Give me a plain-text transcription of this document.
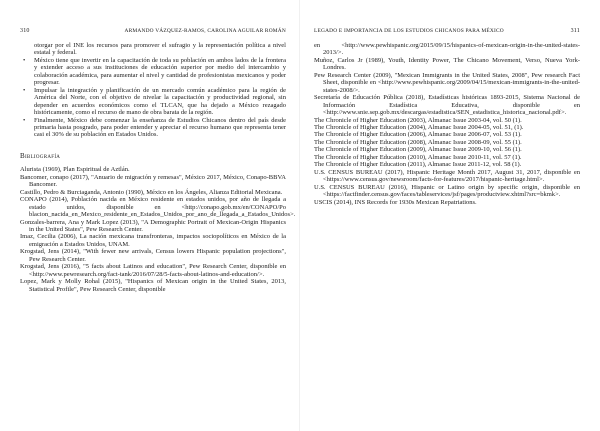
310	ARMANDO VÁZQUEZ-RAMOS, CAROLINA AGUILAR ROMÁN
otorgar por el INE los recursos para promover el sufragio y la representación política a nivel estatal y federal.
• México tiene que invertir en la capacitación de toda su población en ambos lados de la frontera y extender acceso a sus instituciones de educación superior por medio del intercambio y colaboración académica, para aumentar el nivel y cantidad de profesionistas mexicanos y poder progresar.
• Impulsar la integración y planificación de un mercado común académico para la región de América del Norte, con el objetivo de nivelar la capacitación y productividad regional, sin depender en acuerdos económicos como el TLCAN, que ha dejado a México rezagado históricamente, como el recurso de mano de obra barata de la región.
• Finalmente, México debe comenzar la enseñanza de Estudios Chicanos dentro del país desde primaria hasta posgrado, para poder entender y apreciar el recurso humano que representa tener casi el 30% de su población en Estados Unidos.
Bibliografía

Alurista (1969), Plan Espiritual de Aztlán.

Bancomer, conapo (2017), "Anuario de migración y remesas", México 2017, México, Conapo-BBVA Bancomer.

Castillo, Pedro & Burciaganda, Antonio (1990), México en los Ángeles, Alianza Editorial Mexicana.

CONAPO (2014), Población nacida en México residente en estados unidos, por año de llegada a estado unidos, disponible en <http://conapo.gob.mx/en/CONAPO/Po blacion_nacida_en_Mexico_residente_en_Estados_Unidos_por_ano_de_llegada_a_Estados_Unidos>.

Gonzales-barrera, Ana y Mark Lopez (2013), "A Demographic Portrait of Mexican-Origin Hispanics in the United States", Pew Research Center.

Imaz, Cecilia (2006), La nación mexicana transfronteras, impactos sociopolíticos en México de la emigración a Estados Unidos, UNAM.

Krogstad, Jens (2014), "With fewer new arrivals, Census lowers Hispanic population projections", Pew Research Center.

Krogstad, Jens (2016), "5 facts about Latinos and education", Pew Research Center, disponible en <http://www.pewresearch.org/fact-tank/2016/07/28/5-facts-about-latinos-and-education/>.

Lopez, Mark y Molly Rohal (2015), "Hispanics of Mexican origin in the United States, 2013, Statistical Profile", Pew Research Center, disponible

LEGADO E IMPORTANCIA DE LOS ESTUDIOS CHICANOS PARA MÉXICO	311

en <http://www.pewhispanic.org/2015/09/15/hispanics-of-mexican-origin-in-the-united-states-2013/>.

Muñoz, Carlos Jr (1989), Youth, Identity Power, The Chicano Movement, Verso, Nueva York-Londres.

Pew Research Center (2009), "Mexican Immigrants in the United States, 2008", Pew research Fact Sheet, disponible en <http://www.pewhispanic.org/2009/04/15/mexican-immigrants-in-the-united-states-2008/>.

Secretaría de Educación Pública (2018), Estadísticas históricas 1893-2015, Sistema Nacional de Información Estadística Educativa, disponible en <http://www.snie.sep.gob.mx/descargas/estadistica/SEN_estadistica_historica_nacional.pdf>.

The Chronicle of Higher Education (2003), Almanac Issue 2003-04, vol. 50 (1).

The Chronicle of Higher Education (2004), Almanac Issue 2004-05, vol. 51, (1).

The Chronicle of Higher Education (2006), Almanac Issue 2006-07, vol. 53 (1).

The Chronicle of Higher Education (2008), Almanac Issue 2008-09, vol. 55 (1).

The Chronicle of Higher Education (2009), Almanac Issue 2009-10, vol. 56 (1).

The Chronicle of Higher Education (2010), Almanac Issue 2010-11, vol. 57 (1).

The Chronicle of Higher Education (2011), Almanac Issue 2011-12, vol. 58 (1).

U.S. CENSUS BUREAU (2017), Hispanic Heritage Month 2017, August 31, 2017, disponible en <https://www.census.gov/newsroom/facts-for-features/2017/hispanic-heritage.html>.

U.S. CENSUS BUREAU (2016), Hispanic or Latino origin by specific origin, disponible en <https://factfinder.census.gov/faces/tableservices/jsf/pages/productview.xhtml?src=bkmk>.

USCIS (2014), INS Records for 1930s Mexican Repatriations.
